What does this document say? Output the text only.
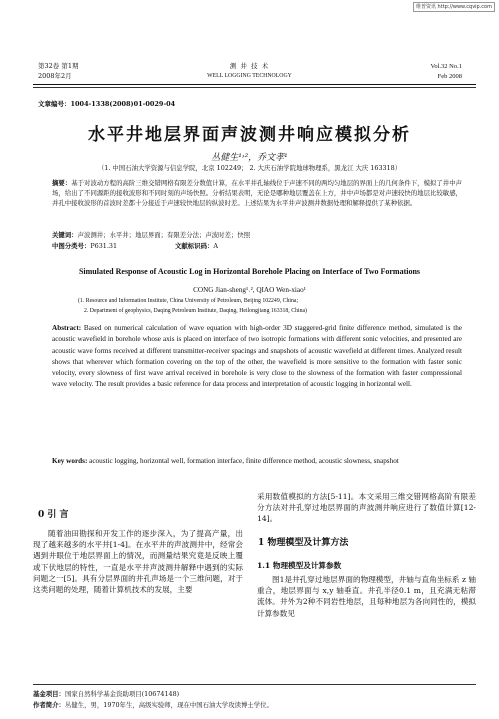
维普资讯 http://www.cqvip.com
第32卷 第1期
2008年2月
测 井 技 术
WELL LOGGING TECHNOLOGY
Vol.32 No.1
Feb 2008
文章编号：1004-1338(2008)01-0029-04
水平井地层界面声波测井响应模拟分析
丛健生¹˒²，乔文孝¹
（1. 中国石油大学资源与信息学院，北京 102249； 2. 大庆石油学院地球物理系，黑龙江 大庆 163318）
摘要：基于对波动方程的高阶三维交错网格有限差分数值计算，在水平井孔轴线位于声速不同的两均匀地层的界面上的几何条件下，模拟了井中声场，给出了不同源距的接收波形和不同时刻的声场快照。分析结果表明，无论是哪种地层覆盖在上方，井中声场都是对声速较快的地层比较敏感，并孔中接收波形的首波时差都十分接近于声速较快地层的纵波时差。上述结果为水平井声波测井数据处理和解释提供了某种依据。
关键词：声波测井；水平井；地层界面；有限差分法；声波时差；快照
中图分类号：P631.31	文献标识码：A
Simulated Response of Acoustic Log in Horizontal Borehole Placing on Interface of Two Formations
CONG Jian-sheng¹˒², QIAO Wen-xiao¹
(1. Resource and Information Institute, China University of Petroleum, Beijing 102249, China;
2. Department of geophysics, Daqing Petroleum Institute, Daqing, Heilongjiang 163318, China)
Abstract: Based on numerical calculation of wave equation with high-order 3D staggered-grid finite difference method, simulated is the acoustic wavefield in borehole whose axis is placed on interface of two isotropic formations with different sonic velocities, and presented are acoustic wave forms received at different transmitter-receiver spacings and snapshots of acoustic wavefield at different times. Analyzed result shows that wherever which formation covering on the top of the other, the wavefield is more sensitive to the formation with faster sonic velocity, every slowness of first wave arrival received in borehole is very close to the slowness of the formation with faster compressional wave velocity. The result provides a basic reference for data process and interpretation of acoustic logging in horizontal well.
Key words: acoustic logging, horizontal well, formation interface, finite difference method, acoustic slowness, snapshot
0 引 言
随着油田勘探和开发工作的逐步深入，为了提高产量，出现了越来越多的水平井[1-4]。在水平井的声波测井中，经常会遇到井眼位于地层界面上的情况，而测量结果究竟是反映上覆或下伏地层的特性，一直是水平井声波测井解释中遇到的实际问题之一[5]。具有分层界面的井孔声场是一个三维问题，对于这类问题的处理，随着计算机技术的发展，主要
采用数值模拟的方法[5-11]。本文采用三维交错网格高阶有限差分方法对井孔穿过地层界面的声波测井响应进行了数值计算[12-14]。
1 物理模型及计算方法
1.1 物理模型及计算参数
图1是井孔穿过地层界面的物理模型，井轴与直角坐标系 z 轴重合，地层界面与 x,y 轴垂直。井孔半径0.1 m，且充满无粘滞流体。井外为2种不同岩性地层，且每种地层为各向同性的，模拟计算参数见
基金项目：国家自然科学基金资助项目(10674148)
作者简介：丛健生，男，1970年生，高级实验师，现在中国石油大学攻读博士学位。
